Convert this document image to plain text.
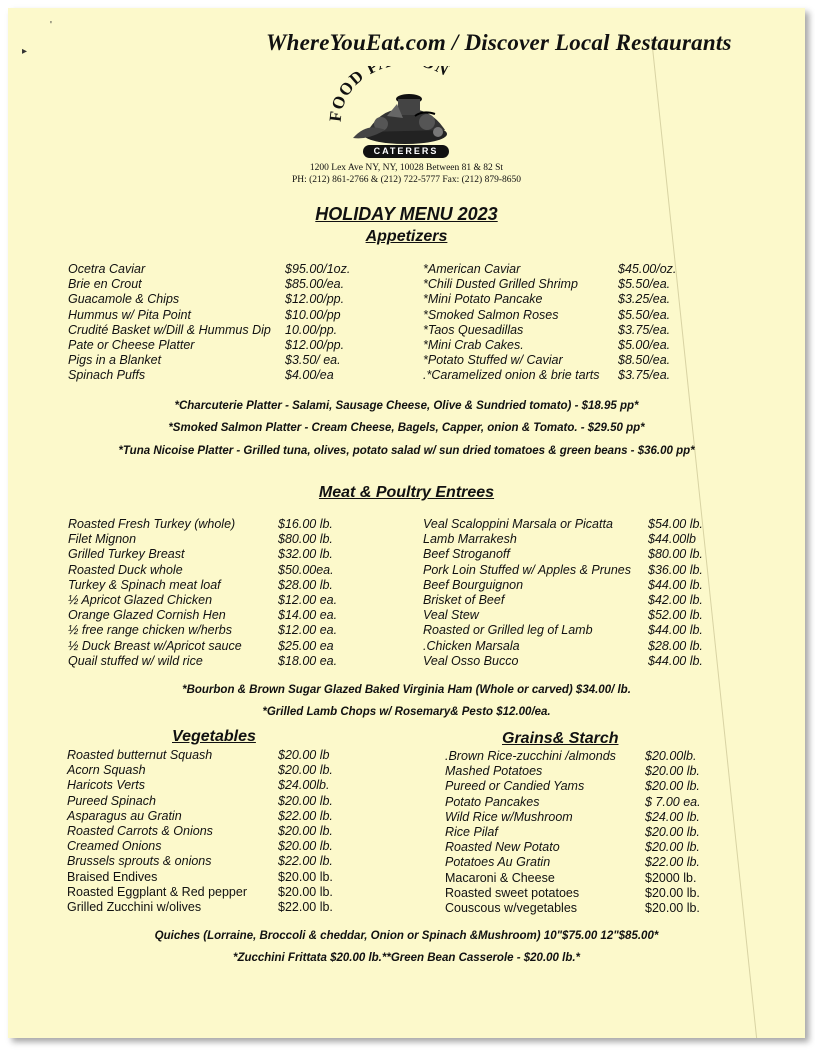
'
▸	WhereYouEat.com / Discover Local Restaurants
FOOD P N
CATERERS
1200 Lex Ave NY, NY, 10028 Between 81 & 82 St
PH: (212) 861-2766 & (212) 722-5777 Fax: (212) 879-8650
HOLIDAY MENU 2023
Appetizers
Ocetra Caviar	$95.00/1oz.
Brie en Crout	$85.00/ea.
Guacamole & Chips	$12.00/pp.
Hummus w/ Pita Point	$10.00/pp
Crudité Basket w/Dill & Hummus Dip 10.00/pp.
Pate or Cheese Platter	$12.00/pp.
Pigs in a Blanket	$3.50/ ea.
Spinach Puffs	$4.00/ea
*American Caviar	$45.00/oz.
*Chili Dusted Grilled Shrimp	$5.50/ea.
*Mini Potato Pancake	$3.25/ea.
*Smoked Salmon Roses	$5.50/ea.
*Taos Quesadillas	$3.75/ea.
*Mini Crab Cakes.	$5.00/ea.
*Potato Stuffed w/ Caviar	$8.50/ea.
.*Caramelized onion & brie tarts $3.75/ea.
*Charcuterie Platter - Salami, Sausage Cheese, Olive & Sundried tomato) - $18.95 pp*
*Smoked Salmon Platter - Cream Cheese, Bagels, Capper, onion & Tomato. - $29.50 pp*
*Tuna Nicoise Platter - Grilled tuna, olives, potato salad w/ sun dried tomatoes & green beans - $36.00 pp*
Meat & Poultry Entrees
Roasted Fresh Turkey (whole)	$16.00 lb.
Filet Mignon	$80.00 lb.
Grilled Turkey Breast	$32.00 lb.
Roasted Duck whole	$50.00ea.
Turkey & Spinach meat loaf	$28.00 lb.
½ Apricot Glazed Chicken	$12.00 ea.
Orange Glazed Cornish Hen	$14.00 ea.
½ free range chicken w/herbs	$12.00 ea.
½ Duck Breast w/Apricot sauce	$25.00 ea
Quail stuffed w/ wild rice	$18.00 ea.
Veal Scaloppini Marsala or Picatta	$54.00 lb.
Lamb Marrakesh	$44.00lb
Beef Stroganoff	$80.00 lb.
Pork Loin Stuffed w/ Apples & Prunes $36.00 lb.
Beef Bourguignon	$44.00 lb.
Brisket of Beef	$42.00 lb.
Veal Stew	$52.00 lb.
Roasted or Grilled leg of Lamb	$44.00 lb.
.Chicken Marsala	$28.00 lb.
Veal Osso Bucco	$44.00 lb.
*Bourbon & Brown Sugar Glazed Baked Virginia Ham (Whole or carved) $34.00/ lb.
*Grilled Lamb Chops w/ Rosemary& Pesto $12.00/ea.
Vegetables	Grains& Starch
Roasted butternut Squash	$20.00 lb
Acorn Squash	$20.00 lb.
Haricots Verts	$24.00lb.
Pureed Spinach	$20.00 lb.
Asparagus au Gratin	$22.00 lb.
Roasted Carrots & Onions	$20.00 lb.
Creamed Onions	$20.00 lb.
Brussels sprouts & onions	$22.00 lb.
Braised Endives	$20.00 lb.
Roasted Eggplant & Red pepper $20.00 lb.
Grilled Zucchini w/olives	$22.00 lb.
.Brown Rice-zucchini /almonds $20.00lb.
Mashed Potatoes	$20.00 lb.
Pureed or Candied Yams	$20.00 lb.
Potato Pancakes	$ 7.00 ea.
Wild Rice w/Mushroom	$24.00 lb.
Rice Pilaf	$20.00 lb.
Roasted New Potato	$20.00 lb.
Potatoes Au Gratin	$22.00 lb.
Macaroni & Cheese	$2000 lb.
Roasted sweet potatoes	$20.00 lb.
Couscous w/vegetables	$20.00 lb.
Quiches (Lorraine, Broccoli & cheddar, Onion or Spinach &Mushroom) 10"$75.00 12"$85.00*
*Zucchini Frittata $20.00 lb.**Green Bean Casserole - $20.00 lb.*
